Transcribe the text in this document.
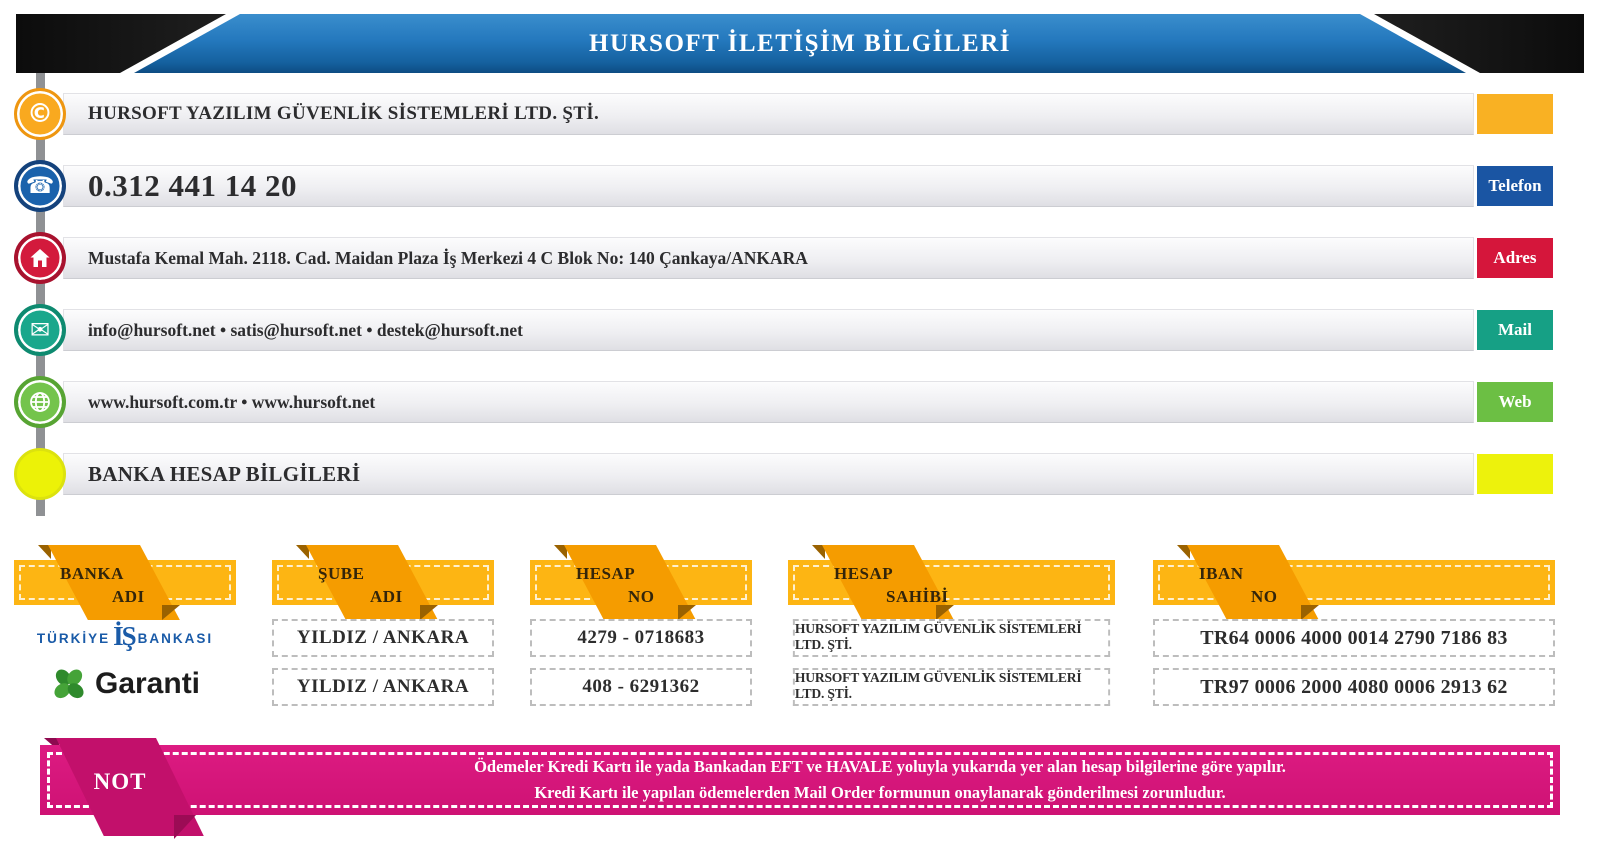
HURSOFT İLETİŞİM BİLGİLERİ
HURSOFT YAZILIM GÜVENLİK SİSTEMLERİ LTD. ŞTİ.
©
0.312 441 14 20	Telefon
☎
Mustafa Kemal Mah. 2118. Cad. Maidan Plaza İş Merkezi 4 C Blok No: 140 Çankaya/ANKARA	Adres
info@hursoft.net • satis@hursoft.net • destek@hursoft.net	Mail
✉
www.hursoft.com.tr • www.hursoft.net	Web
BANKA HESAP BİLGİLERİ
BANKA
ADI
ŞUBE
ADI
HESAP
NO
HESAP
SAHİBİ
IBAN
NO
TÜRKİYE İŞ BANKASI	YILDIZ / ANKARA	4279 - 0718683	HURSOFT YAZILIM GÜVENLİK SİSTEMLERİ LTD. ŞTİ.	TR64 0006 4000 0014 2790 7186 83
Garanti	YILDIZ / ANKARA	408 - 6291362	HURSOFT YAZILIM GÜVENLİK SİSTEMLERİ LTD. ŞTİ.	TR97 0006 2000 4080 0006 2913 62
NOT
Ödemeler Kredi Kartı ile yada Bankadan EFT ve HAVALE yoluyla yukarıda yer alan hesap bilgilerine göre yapılır.
Kredi Kartı ile yapılan ödemelerden Mail Order formunun onaylanarak gönderilmesi zorunludur.
